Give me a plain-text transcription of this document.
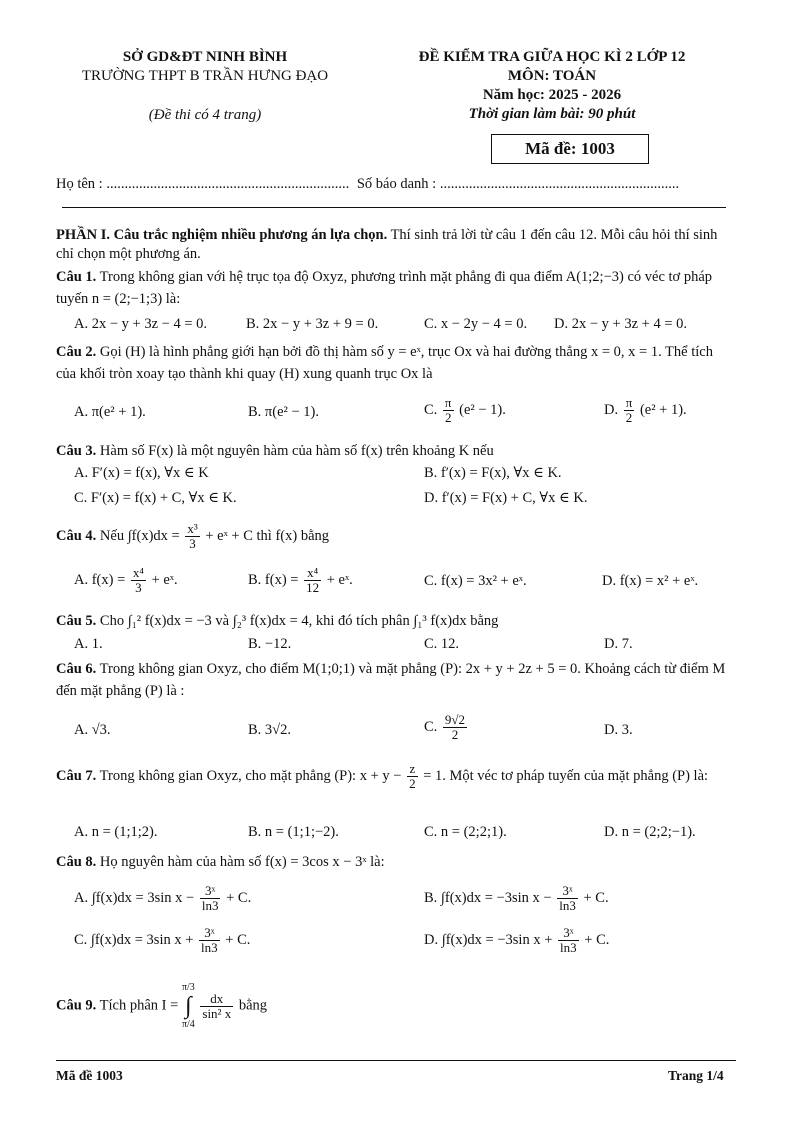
SỞ GD&ĐT NINH BÌNH
TRƯỜNG THPT B TRẦN HƯNG ĐẠO
(Đề thi có 4 trang)
ĐỀ KIỂM TRA GIỮA HỌC KÌ 2 LỚP 12
MÔN: TOÁN
Năm học: 2025 - 2026
Thời gian làm bài: 90 phút
Mã đề: 1003
Họ tên : ................................................................... Số báo danh : ..................................................................
PHẦN I. Câu trắc nghiệm nhiều phương án lựa chọn. Thí sinh trả lời từ câu 1 đến câu 12. Mỗi câu hỏi thí sinh chỉ chọn một phương án.
Câu 1. Trong không gian với hệ trục tọa độ Oxyz, phương trình mặt phẳng đi qua điểm A(1;2;−3) có véc tơ pháp tuyến n = (2;−1;3) là:
A. 2x − y + 3z − 4 = 0.	B. 2x − y + 3z + 9 = 0.	C. x − 2y − 4 = 0. D. 2x − y + 3z + 4 = 0.
Câu 2. Gọi (H) là hình phẳng giới hạn bởi đồ thị hàm số y = eˣ, trục Ox và hai đường thẳng x = 0, x = 1. Thể tích của khối tròn xoay tạo thành khi quay (H) xung quanh trục Ox là
A. π(e² + 1).	B. π(e² − 1).	C. $\frac{\pi}{2} (e^2 - 1)$.	D. $\frac{\pi}{2} (e^2 + 1)$.
Câu 3. Hàm số F(x) là một nguyên hàm của hàm số f(x) trên khoảng K nếu
A. F′(x) = f(x), ∀x ∈ K	B. f′(x) = F(x), ∀x ∈ K.
C. F′(x) = f(x) + C, ∀x ∈ K.	D. f′(x) = F(x) + C, ∀x ∈ K.
Câu 4. Nếu $\int f(x)dx = \frac{\text{x³}}{3}$ + eˣ + C thì f(x) bằng
A. $f(x) = \frac{\text{x⁴}}{3}$ + eˣ.	B. $f(x) = \frac{\text{x⁴}}{12}$ + eˣ.	C. f(x) = 3x² + eˣ.	D. f(x) = x² + eˣ.
Câu 5. Cho ∫₁² f(x)dx = −3 và ∫₂³ f(x)dx = 4, khi đó tích phân ∫₁³ f(x)dx bằng
A. 1.	B. −12.	C. 12.	D. 7.
Câu 6. Trong không gian Oxyz, cho điểm M(1;0;1) và mặt phẳng (P): 2x + y + 2z + 5 = 0. Khoảng cách từ điểm M đến mặt phẳng (P) là :
A. √3.	B. 3√2.	C. $\frac{9√2}{2}$	D. 3.
Câu 7. Trong không gian Oxyz, cho mặt phẳng (P): $x + y - \frac{z}{2} = 1$. Một véc tơ pháp tuyến của mặt phẳng (P) là:
A. n = (1;1;2).	B. n = (1;1;−2).	C. n = (2;2;1).	D. n = (2;2;−1).
Câu 8. Họ nguyên hàm của hàm số f(x) = 3cos x − 3ˣ là:
A. ∫f(x)dx = 3sin $x - \frac{\text{3ˣ}}{\ln 3} + C$.	B. ∫f(x)dx = −3sin $x - \frac{\text{3ˣ}}{\ln 3} + C$.
C. ∫f(x)dx = 3sin $x + \frac{\text{3ˣ}}{\ln 3} + C$.	D. ∫f(x)dx = −3sin $x + \frac{\text{3ˣ}}{\ln 3} + C$.
Câu 9. Tích phân I =
π/3
∫
π/4

$\frac{dx}{\text{sin² x}}$ bằng
Mã đề 1003	Trang 1/4
